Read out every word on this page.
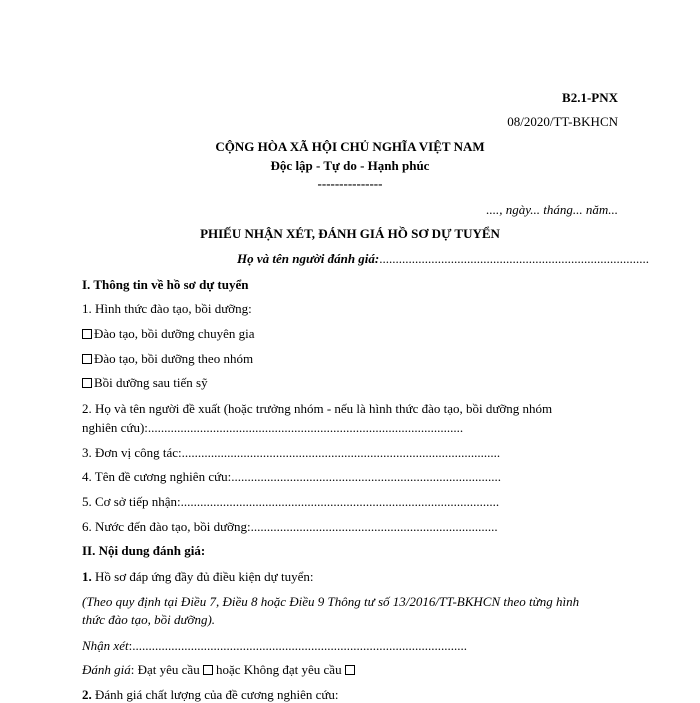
B2.1-PNX
08/2020/TT-BKHCN
CỘNG HÒA XÃ HỘI CHỦ NGHĨA VIỆT NAM
Độc lập - Tự do - Hạnh phúc
---------------
...., ngày... tháng... năm...
PHIẾU NHẬN XÉT, ĐÁNH GIÁ HỒ SƠ DỰ TUYỂN
Họ và tên người đánh giá:...................................................................................
I. Thông tin về hồ sơ dự tuyển
1. Hình thức đào tạo, bồi dưỡng:
Đào tạo, bồi dưỡng chuyên gia
Đào tạo, bồi dưỡng theo nhóm
Bồi dưỡng sau tiến sỹ
2. Họ và tên người đề xuất (hoặc trưởng nhóm - nếu là hình thức đào tạo, bồi dưỡng nhóm
nghiên cứu):.................................................................................................
3. Đơn vị công tác:..................................................................................................
4. Tên đề cương nghiên cứu:...................................................................................
5. Cơ sở tiếp nhận:..................................................................................................
6. Nước đến đào tạo, bồi dưỡng:............................................................................
II. Nội dung đánh giá:
1. Hồ sơ đáp ứng đầy đủ điều kiện dự tuyển:
(Theo quy định tại Điều 7, Điều 8 hoặc Điều 9 Thông tư số 13/2016/TT-BKHCN theo từng hình
thức đào tạo, bồi dưỡng).
Nhận xét:.......................................................................................................
Đánh giá: Đạt yêu cầu hoặc Không đạt yêu cầu
2. Đánh giá chất lượng của đề cương nghiên cứu:
